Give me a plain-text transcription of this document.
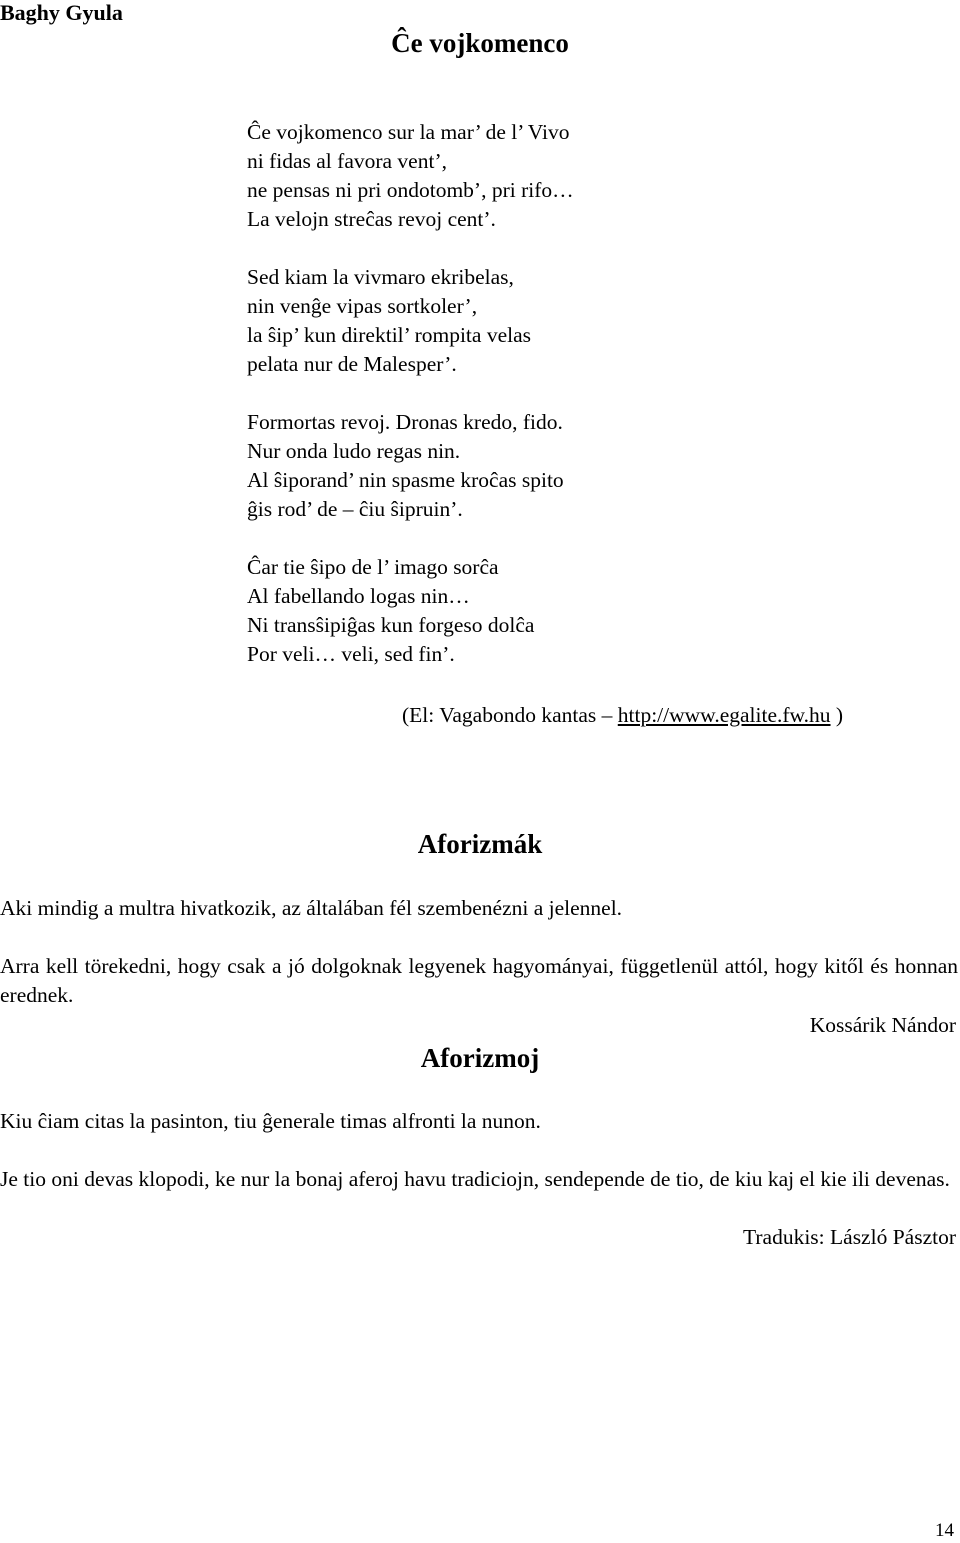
Baghy Gyula
Ĉe vojkomenco
Ĉe vojkomenco sur la mar’ de l’ Vivo
ni fidas al favora vent’,
ne pensas ni pri ondotomb’, pri rifo…
La velojn streĉas revoj cent’.
Sed kiam la vivmaro ekribelas,
nin venĝe vipas sortkoler’,
la ŝip’ kun direktil’ rompita velas
pelata nur de Malesper’.
Formortas revoj. Dronas kredo, fido.
Nur onda ludo regas nin.
Al ŝiporand’ nin spasme kroĉas spito
ĝis rod’ de – ĉiu ŝipruin’.
Ĉar tie ŝipo de l’ imago sorĉa
Al fabellando logas nin…
Ni transŝipiĝas kun forgeso dolĉa
Por veli… veli, sed fin’.
(El: Vagabondo kantas – http://www.egalite.fw.hu )
Aforizmák
Aki mindig a multra hivatkozik, az általában fél szembenézni a jelennel.
Arra kell törekedni, hogy csak a jó dolgoknak legyenek hagyományai, függetlenül attól, hogy kitől és honnan erednek.
Kossárik Nándor
Aforizmoj
Kiu ĉiam citas la pasinton, tiu ĝenerale timas alfronti la nunon.
Je tio oni devas klopodi, ke nur la bonaj aferoj havu tradiciojn, sendepende de tio, de kiu kaj el kie ili devenas.
Tradukis: László Pásztor
14
